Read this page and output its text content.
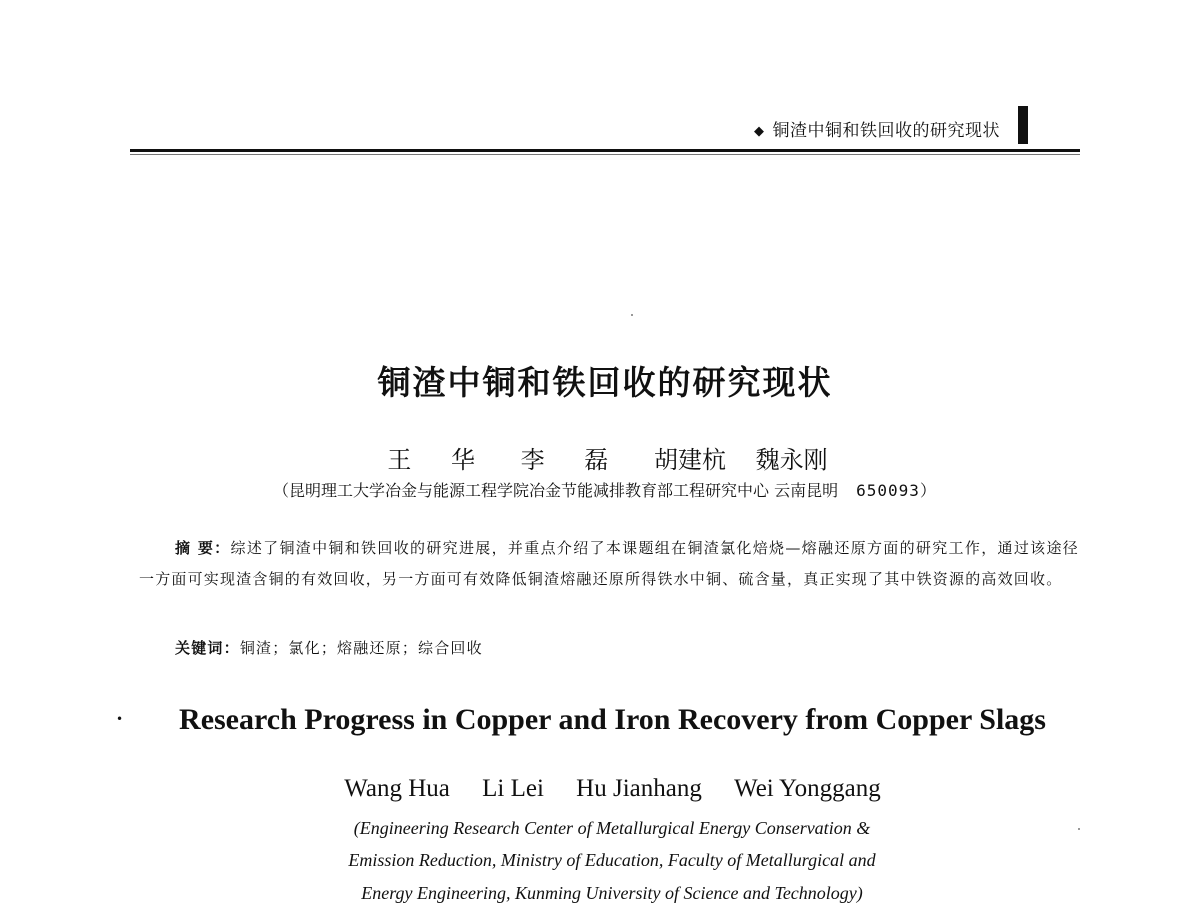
◆ 铜渣中铜和铁回收的研究现状
铜渣中铜和铁回收的研究现状
王 华 李 磊 胡建杭 魏永刚
（昆明理工大学冶金与能源工程学院冶金节能减排教育部工程研究中心 云南昆明 650093）
摘 要：综述了铜渣中铜和铁回收的研究进展，并重点介绍了本课题组在铜渣氯化焙烧—熔融还原方面的研究工作，通过该途径一方面可实现渣含铜的有效回收，另一方面可有效降低铜渣熔融还原所得铁水中铜、硫含量，真正实现了其中铁资源的高效回收。
关键词：铜渣；氯化；熔融还原；综合回收
•	Research Progress in Copper and Iron Recovery from Copper Slags
Wang Hua Li Lei Hu Jianhang Wei Yonggang
(Engineering Research Center of Metallurgical Energy Conservation &
Emission Reduction, Ministry of Education, Faculty of Metallurgical and
Energy Engineering, Kunming University of Science and Technology)
